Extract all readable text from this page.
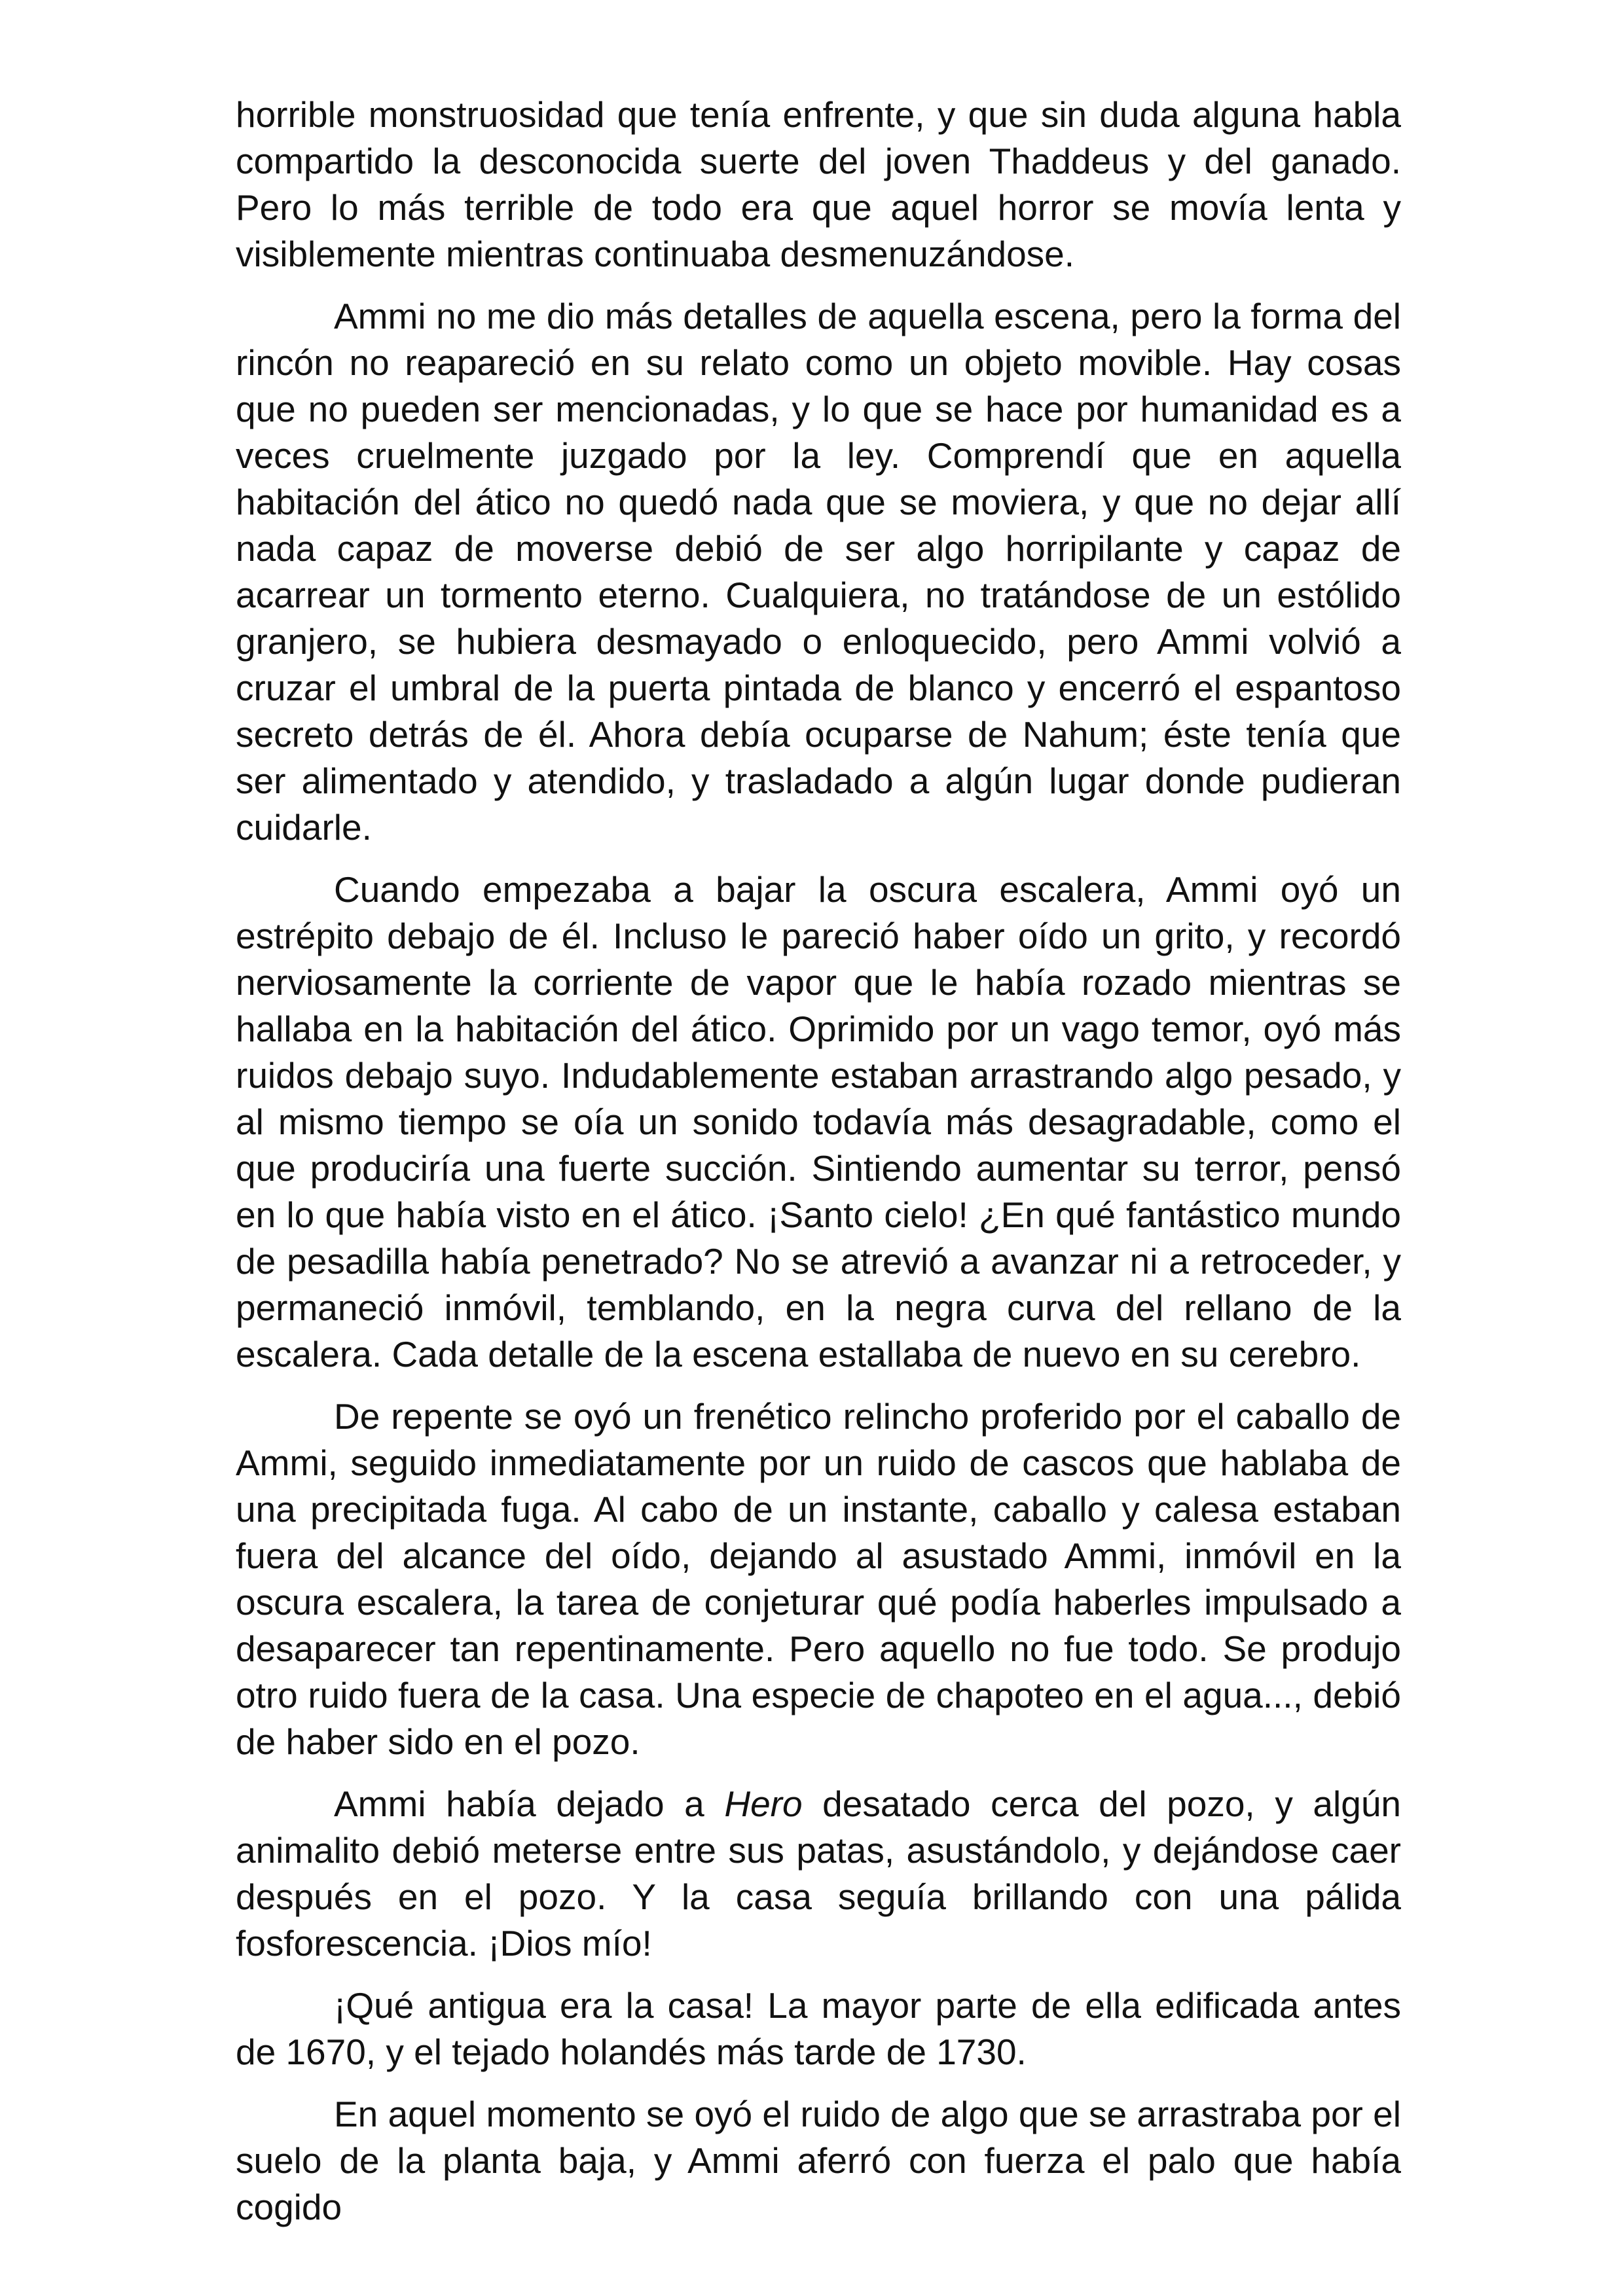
horrible monstruosidad que tenía enfrente, y que sin duda alguna habla compartido la desconocida suerte del joven Thaddeus y del ganado. Pero lo más terrible de todo era que aquel horror se movía lenta y visiblemente mientras continuaba desmenuzándose.

Ammi no me dio más detalles de aquella escena, pero la forma del rincón no reapareció en su relato como un objeto movible. Hay cosas que no pueden ser mencionadas, y lo que se hace por humanidad es a veces cruelmente juzgado por la ley. Comprendí que en aquella habitación del ático no quedó nada que se moviera, y que no dejar allí nada capaz de moverse debió de ser algo horripilante y capaz de acarrear un tormento eterno. Cualquiera, no tratándose de un estólido granjero, se hubiera desmayado o enloquecido, pero Ammi volvió a cruzar el umbral de la puerta pintada de blanco y encerró el espantoso secreto detrás de él. Ahora debía ocuparse de Nahum; éste tenía que ser alimentado y atendido, y trasladado a algún lugar donde pudieran cuidarle.

Cuando empezaba a bajar la oscura escalera, Ammi oyó un estrépito debajo de él. Incluso le pareció haber oído un grito, y recordó nerviosamente la corriente de vapor que le había rozado mientras se hallaba en la habitación del ático. Oprimido por un vago temor, oyó más ruidos debajo suyo. Indudablemente estaban arrastrando algo pesado, y al mismo tiempo se oía un sonido todavía más desagradable, como el que produciría una fuerte succión. Sintiendo aumentar su terror, pensó en lo que había visto en el ático. ¡Santo cielo! ¿En qué fantástico mundo de pesadilla había penetrado? No se atrevió a avanzar ni a retroceder, y permaneció inmóvil, temblando, en la negra curva del rellano de la escalera. Cada detalle de la escena estallaba de nuevo en su cerebro.

De repente se oyó un frenético relincho proferido por el caballo de Ammi, seguido inmediatamente por un ruido de cascos que hablaba de una precipitada fuga. Al cabo de un instante, caballo y calesa estaban fuera del alcance del oído, dejando al asustado Ammi, inmóvil en la oscura escalera, la tarea de conjeturar qué podía haberles impulsado a desaparecer tan repentinamente. Pero aquello no fue todo. Se produjo otro ruido fuera de la casa. Una especie de chapoteo en el agua..., debió de haber sido en el pozo.

Ammi había dejado a Hero desatado cerca del pozo, y algún animalito debió meterse entre sus patas, asustándolo, y dejándose caer después en el pozo. Y la casa seguía brillando con una pálida fosforescencia. ¡Dios mío!

¡Qué antigua era la casa! La mayor parte de ella edificada antes de 1670, y el tejado holandés más tarde de 1730.

En aquel momento se oyó el ruido de algo que se arrastraba por el suelo de la planta baja, y Ammi aferró con fuerza el palo que había cogido
